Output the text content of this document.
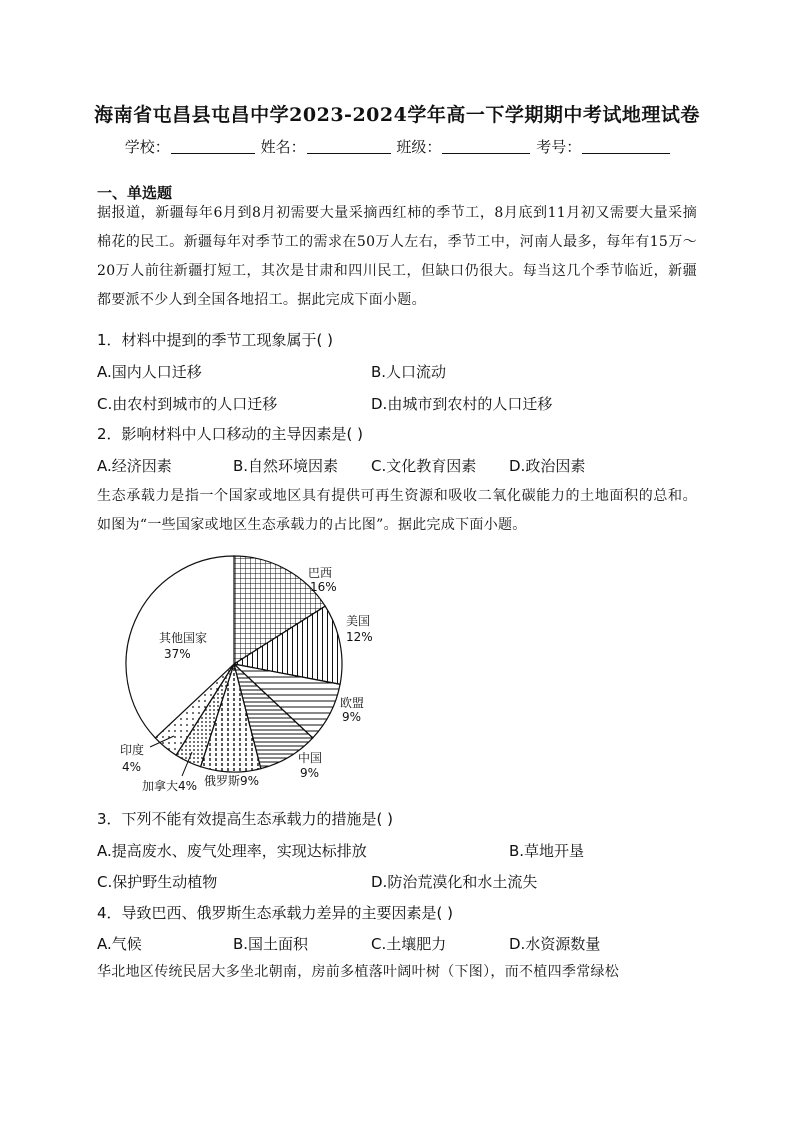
海南省屯昌县屯昌中学2023-2024学年高一下学期期中考试地理试卷
学校：	姓名：	班级：	考号：
一、单选题
据报道，新疆每年6月到8月初需要大量采摘西红柿的季节工，8月底到11月初又需要大量采摘棉花的民工。新疆每年对季节工的需求在50万人左右，季节工中，河南人最多，每年有15万～20万人前往新疆打短工，其次是甘肃和四川民工，但缺口仍很大。每当这几个季节临近，新疆都要派不少人到全国各地招工。据此完成下面小题。
1．材料中提到的季节工现象属于( )
A.国内人口迁移	B.人口流动
C.由农村到城市的人口迁移	D.由城市到农村的人口迁移
2．影响材料中人口移动的主导因素是( )
A.经济因素	B.自然环境因素 C.文化教育因素 D.政治因素
生态承载力是指一个国家或地区具有提供可再生资源和吸收二氧化碳能力的土地面积的总和。如图为“一些国家或地区生态承载力的占比图”。据此完成下面小题。
巴西
16%
美国
12%
欧盟
9%
中国
9%
俄罗斯9%
加拿大4%
印度
4%
其他国家
37%
3．下列不能有效提高生态承载力的措施是( )
A.提高废水、废气处理率，实现达标排放	B.草地开垦
C.保护野生动植物	D.防治荒漠化和水土流失
4．导致巴西、俄罗斯生态承载力差异的主要因素是( )
A.气候	B.国土面积	C.土壤肥力	D.水资源数量
华北地区传统民居大多坐北朝南，房前多植落叶阔叶树（下图），而不植四季常绿松
